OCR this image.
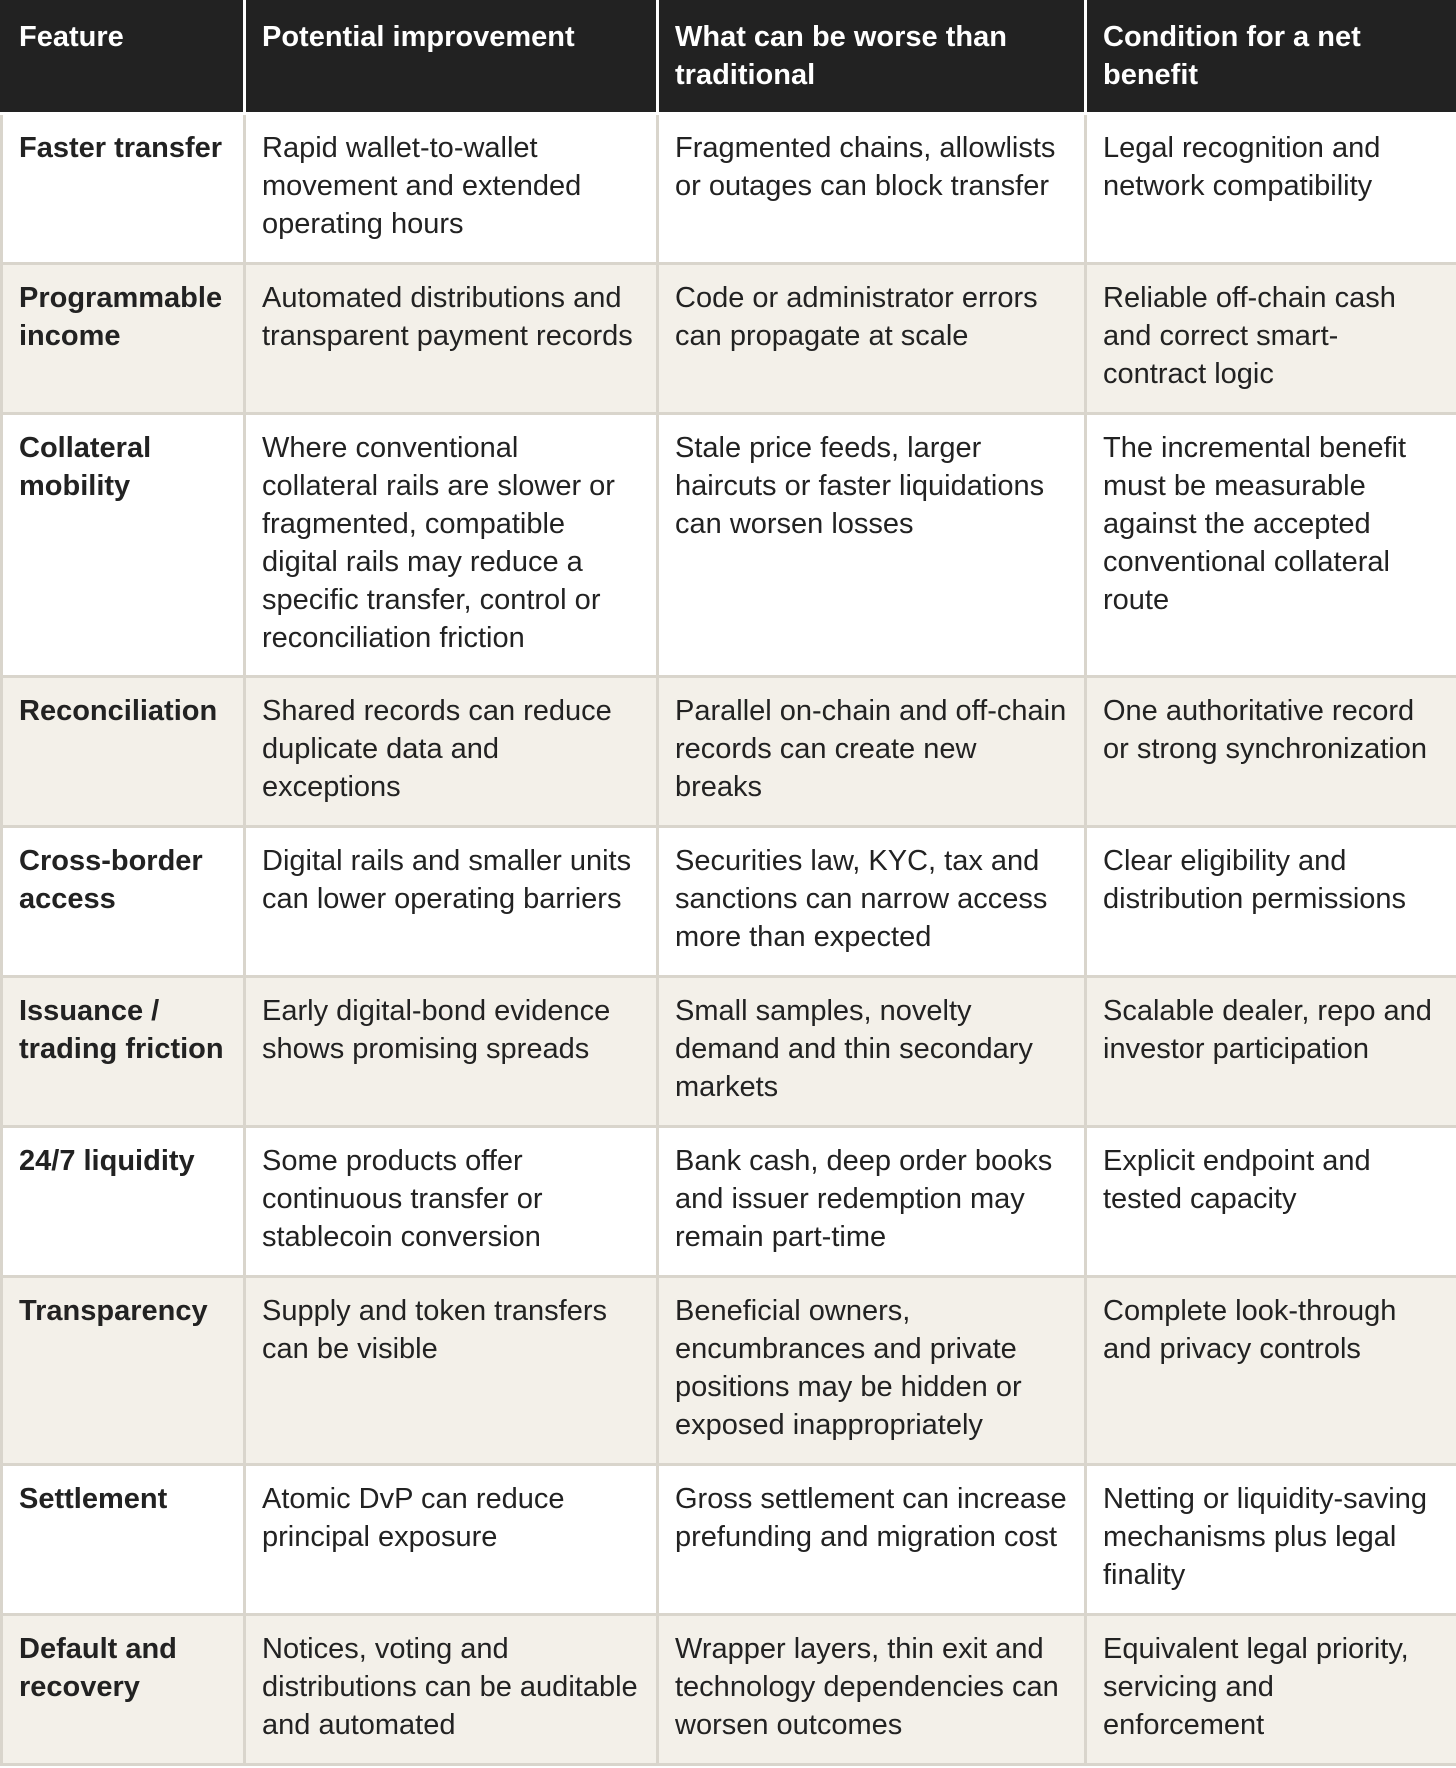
Feature	Potential improvement	What can be worse than traditional	Condition for a net benefit
Faster transfer	Rapid wallet-to-wallet movement and extended operating hours	Fragmented chains, allowlists or outages can block transfer	Legal recognition and network compatibility
Programmable income	Automated distributions and transparent payment records	Code or administrator errors can propagate at scale	Reliable off-chain cash and correct smart-contract logic
Collateral mobility	Where conventional collateral rails are slower or fragmented, compatible digital rails may reduce a specific transfer, control or reconciliation friction	Stale price feeds, larger haircuts or faster liquidations can worsen losses	The incremental benefit must be measurable against the accepted conventional collateral route
Reconciliation	Shared records can reduce duplicate data and exceptions	Parallel on-chain and off-chain records can create new breaks	One authoritative record or strong synchronization
Cross-border access	Digital rails and smaller units can lower operating barriers	Securities law, KYC, tax and sanctions can narrow access more than expected	Clear eligibility and distribution permissions
Issuance / trading friction	Early digital-bond evidence shows promising spreads	Small samples, novelty demand and thin secondary markets	Scalable dealer, repo and investor participation
24/7 liquidity	Some products offer continuous transfer or stablecoin conversion	Bank cash, deep order books and issuer redemption may remain part-time	Explicit endpoint and tested capacity
Transparency	Supply and token transfers can be visible	Beneficial owners, encumbrances and private positions may be hidden or exposed inappropriately	Complete look-through and privacy controls
Settlement	Atomic DvP can reduce principal exposure	Gross settlement can increase prefunding and migration cost	Netting or liquidity-saving mechanisms plus legal finality
Default and recovery	Notices, voting and distributions can be auditable and automated	Wrapper layers, thin exit and technology dependencies can worsen outcomes	Equivalent legal priority, servicing and enforcement
